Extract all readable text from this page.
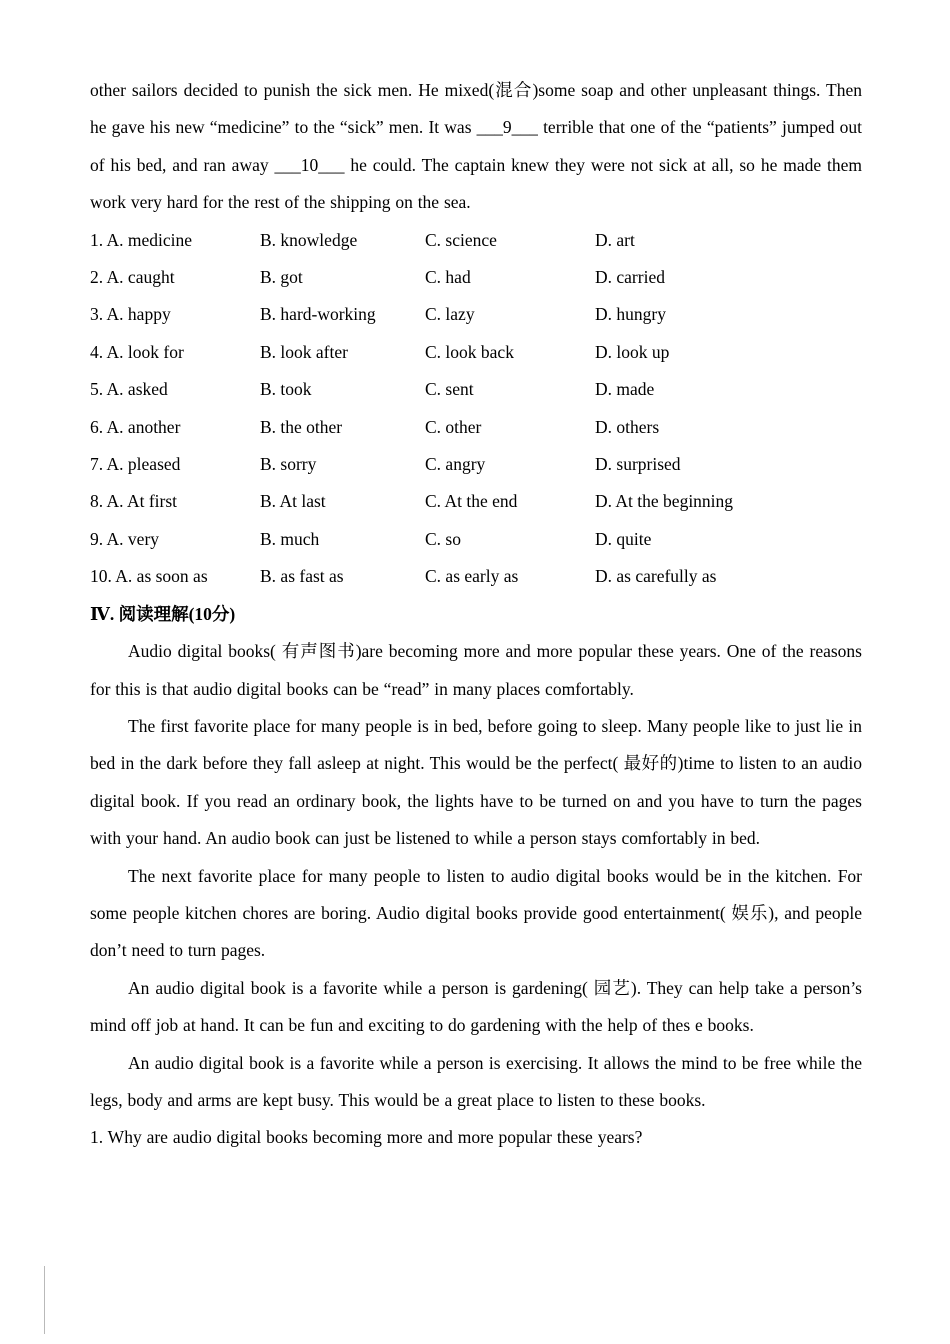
other sailors decided to punish the sick men. He mixed(混合)some soap and other unpleasant things. Then he gave his new “medicine” to the “sick” men. It was ___9___ terrible that one of the “patients” jumped out of his bed, and ran away ___10___ he could. The captain knew they were not sick at all, so he made them work very hard for the rest of the shipping on the sea.

1. A. medicine	B. knowledge	C. science	D. art
2. A. caught	B. got	C. had	D. carried
3. A. happy	B. hard-working	C. lazy	D. hungry
4. A. look for	B. look after	C. look back	D. look up
5. A. asked	B. took	C. sent	D. made
6. A. another	B. the other	C. other	D. others
7. A. pleased	B. sorry	C. angry	D. surprised
8. A. At first	B. At last	C. At the end	D. At the beginning
9. A. very	B. much	C. so	D. quite
10. A. as soon as	B. as fast as	C. as early as	D. as carefully as
Ⅳ. 阅读理解(10分)

Audio digital books( 有声图书)are becoming more and more popular these years. One of the reasons for this is that audio digital books can be “read” in many places comfortably.

The first favorite place for many people is in bed, before going to sleep. Many people like to just lie in bed in the dark before they fall asleep at night. This would be the perfect( 最好的)time to listen to an audio digital book. If you read an ordinary book, the lights have to be turned on and you have to turn the pages with your hand. An audio book can just be listened to while a person stays comfortably in bed.

The next favorite place for many people to listen to audio digital books would be in the kitchen. For some people kitchen chores are boring. Audio digital books provide good entertainment( 娱乐), and people don’t need to turn pages.

An audio digital book is a favorite while a person is gardening( 园艺). They can help take a person’s mind off job at hand. It can be fun and exciting to do gardening with the help of thes e books.

An audio digital book is a favorite while a person is exercising. It allows the mind to be free while the legs, body and arms are kept busy. This would be a great place to listen to these books.

1. Why are audio digital books becoming more and more popular these years?
